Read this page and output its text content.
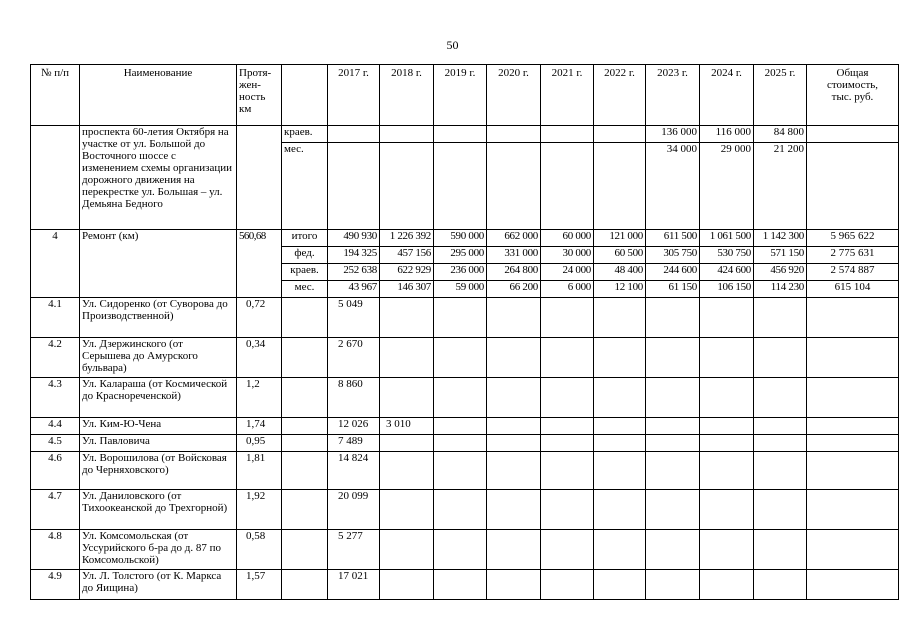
50
№ п/п	Наименование	Протя-
жен-
ность
км		2017 г.	2018 г.	2019 г.	2020 г.	2021 г.	2022 г.	2023 г.	2024 г.	2025 г.	Общая
стоимость,
тыс. руб.
	проспекта 60-летия Октября на участке от ул. Большой до Восточного шоссе с изменением схемы организации дорожного движения на перекрестке ул. Большая – ул. Демьяна Бедного		краев.							136 000	116 000	84 800	
			мес.							34 000	29 000	21 200	
4	Ремонт (км)	560,68	итого	490 930	1 226 392	590 000	662 000	60 000	121 000	611 500	1 061 500	1 142 300	5 965 622
			фед.	194 325	457 156	295 000	331 000	30 000	60 500	305 750	530 750	571 150	2 775 631
			краев.	252 638	622 929	236 000	264 800	24 000	48 400	244 600	424 600	456 920	2 574 887
			мес.	43 967	146 307	59 000	66 200	6 000	12 100	61 150	106 150	114 230	615 104
4.1	Ул. Сидоренко (от Суворова до Производственной)	0,72		5 049									
4.2	Ул. Дзержинского (от Серышева до Амурского бульвара)	0,34		2 670									
4.3	Ул. Калараша (от Космической до Краснореченской)	1,2		8 860									
4.4	Ул. Ким-Ю-Чена	1,74		12 026	3 010								
4.5	Ул. Павловича	0,95		7 489									
4.6	Ул. Ворошилова (от Войсковая до Черняховского)	1,81		14 824									
4.7	Ул. Даниловского (от Тихоокеанской до Трехгорной)	1,92		20 099									
4.8	Ул. Комсомольская (от Уссурийского б-ра до д. 87 по Комсомольской)	0,58		5 277									
4.9	Ул. Л. Толстого (от К. Маркса до Яищина)	1,57		17 021									
